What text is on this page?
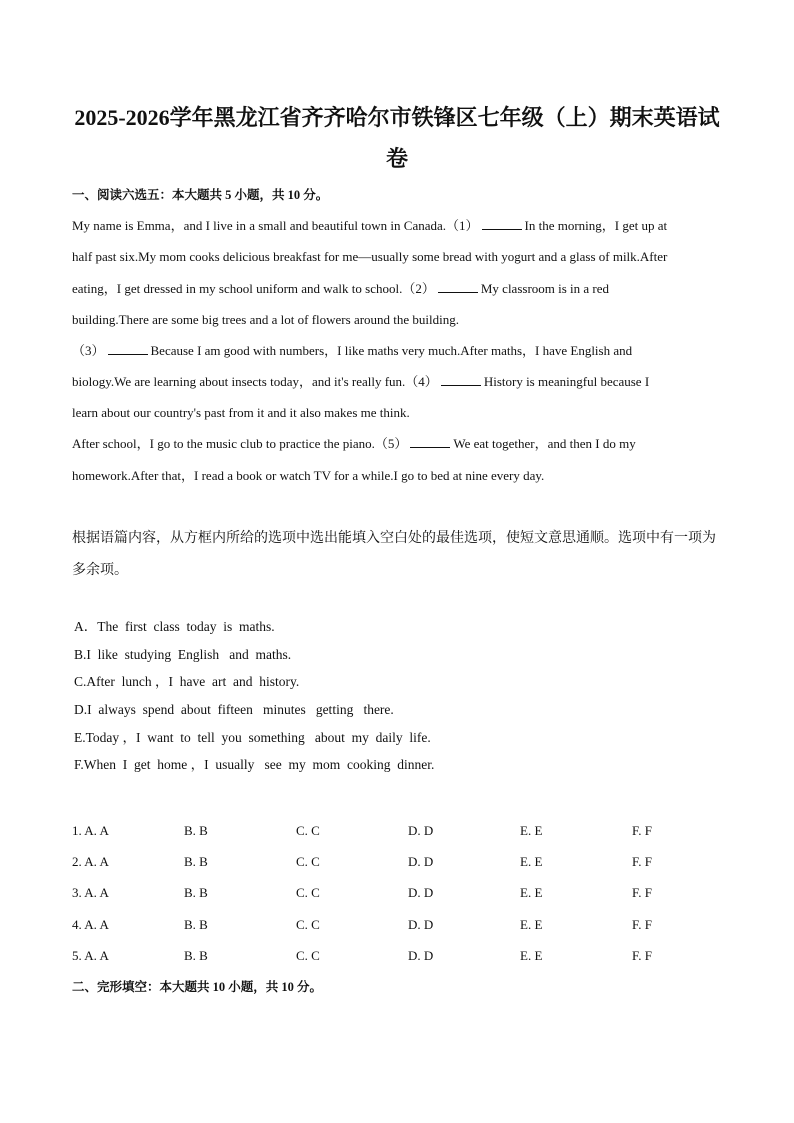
2025-2026学年黑龙江省齐齐哈尔市铁锋区七年级（上）期末英语试
卷
一、阅读六选五：本大题共 5 小题，共 10 分。
My name is Emma，and I live in a small and beautiful town in Canada.（1）	In the morning，I get up at
half past six.My mom cooks delicious breakfast for me—usually some bread with yogurt and a glass of milk.After
eating，I get dressed in my school uniform and walk to school.（2）	My classroom is in a red
building.There are some big trees and a lot of flowers around the building.
（3）	Because I am good with numbers，I like maths very much.After maths，I have English and
biology.We are learning about insects today，and it's really fun.（4）	History is meaningful because I
learn about our country's past from it and it also makes me think.
After school，I go to the music club to practice the piano.（5）	We eat together，and then I do my
homework.After that，I read a book or watch TV for a while.I go to bed at nine every day.
根据语篇内容，从方框内所给的选项中选出能填入空白处的最佳选项，使短文意思通顺。选项中有一项为
多余项。
A．The  first  class  today  is  maths.
B.I  like  studying  English   and  maths.
C.After  lunch ，I  have  art  and  history.
D.I  always  spend  about  fifteen   minutes   getting   there.
E.Today ，I  want  to  tell  you  something   about  my  daily  life.
F.When  I  get  home ，I  usually   see  my  mom  cooking  dinner.
1. A. A	B. B	C. C	D. D	E. E	F. F
2. A. A	B. B	C. C	D. D	E. E	F. F
3. A. A	B. B	C. C	D. D	E. E	F. F
4. A. A	B. B	C. C	D. D	E. E	F. F
5. A. A	B. B	C. C	D. D	E. E	F. F
二、完形填空：本大题共 10 小题，共 10 分。
